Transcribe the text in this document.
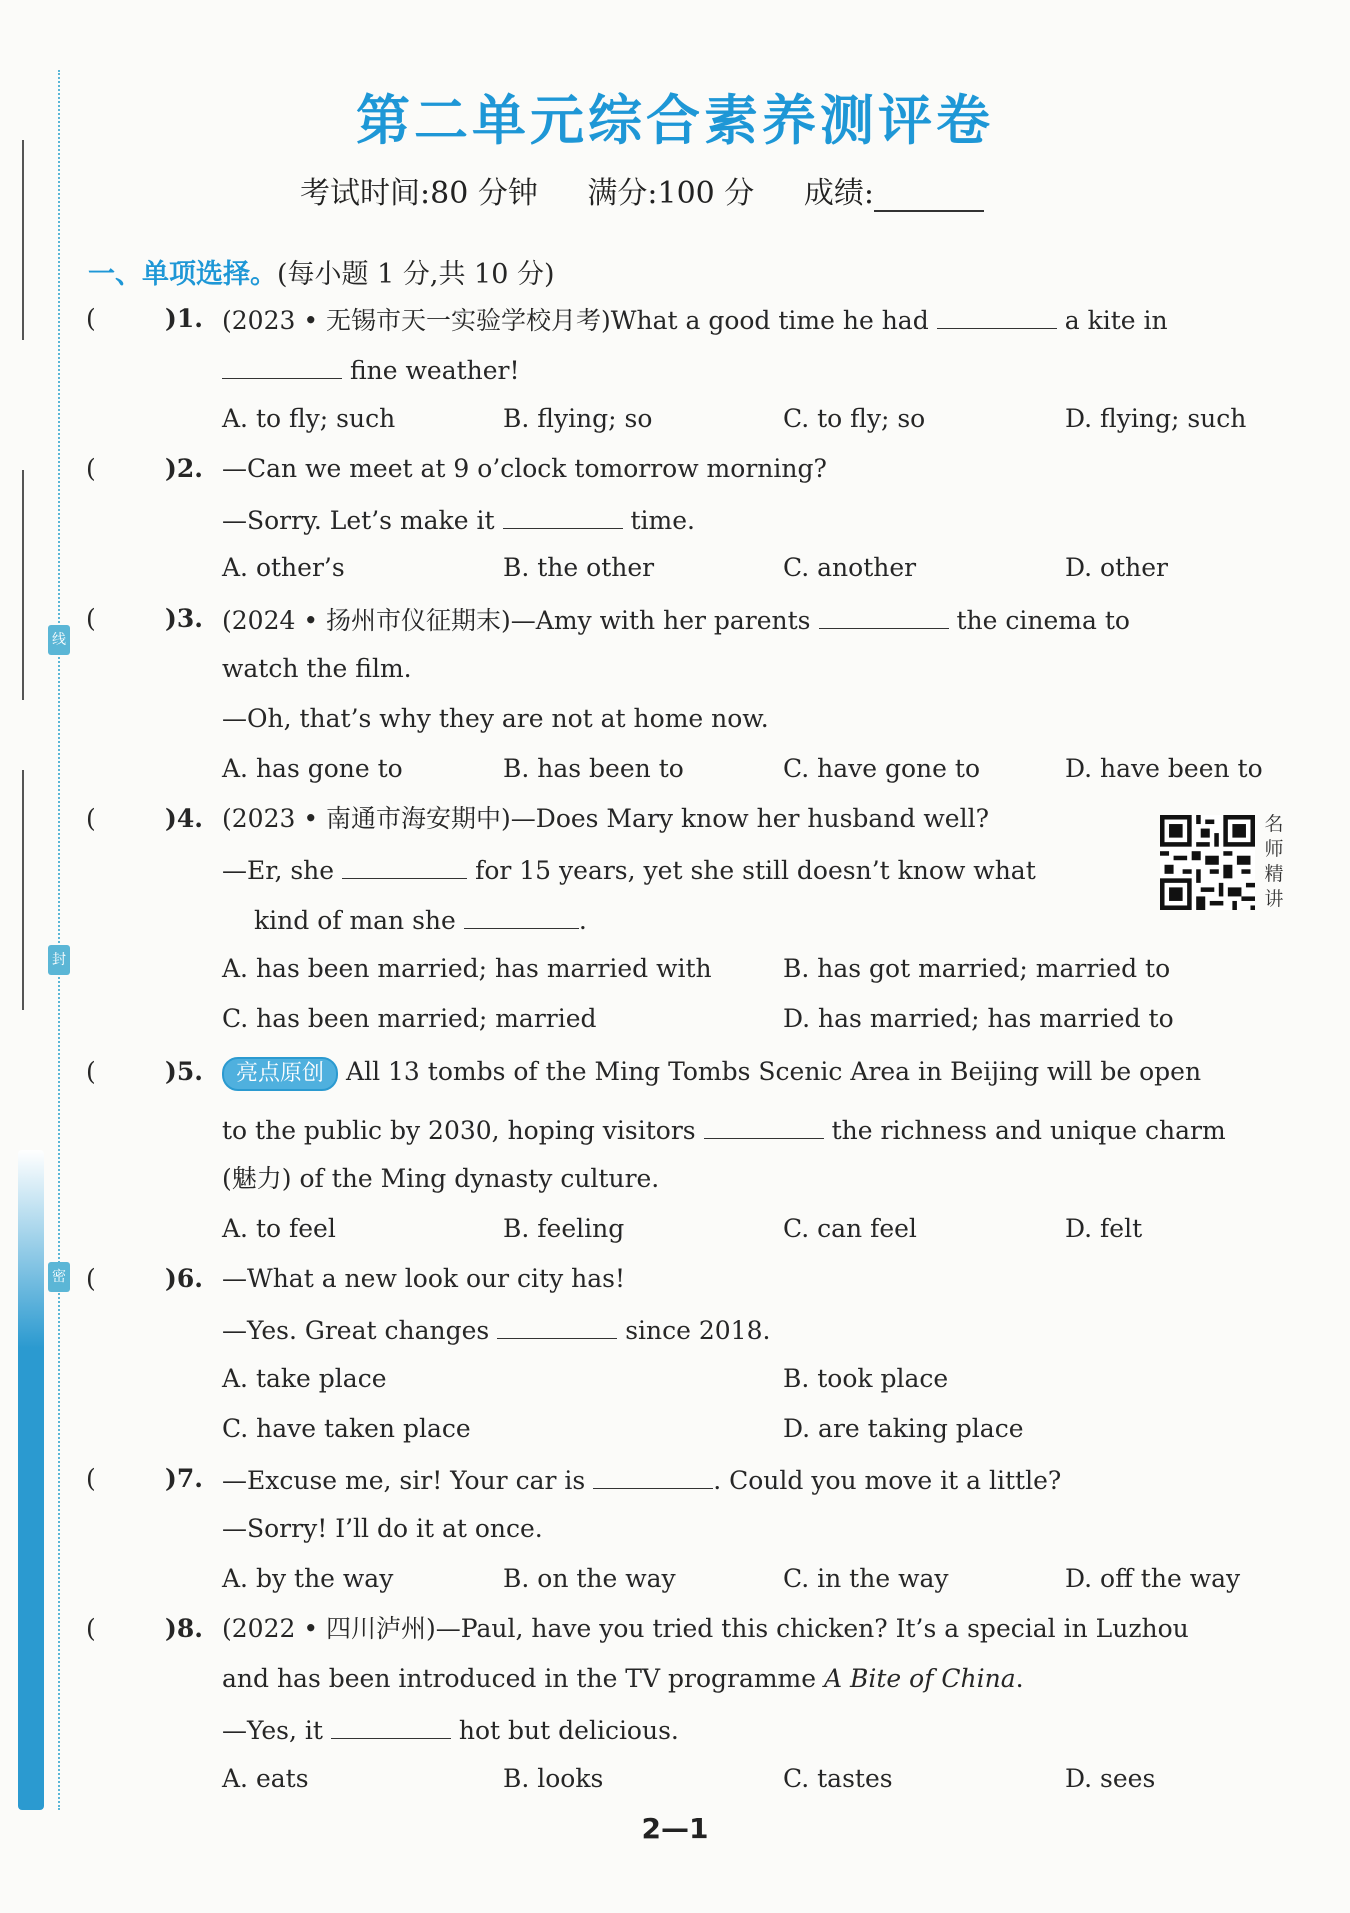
线
封
密
第二单元综合素养测评卷
考试时间:80 分钟 满分:100 分 成绩:
一、单项选择。(每小题 1 分,共 10 分)
(	)1. (2023 • 无锡市天一实验学校月考)What a good time he had	a kite in
fine weather!
A. to fly; such	B. flying; so	C. to fly; so	D. flying; such
(	)2. —Can we meet at 9 o’clock tomorrow morning?
—Sorry. Let’s make it	time.
A. other’s	B. the other	C. another	D. other
(	)3. (2024 • 扬州市仪征期末)—Amy with her parents	the cinema to
watch the film.
—Oh, that’s why they are not at home now.
A. has gone to	B. has been to	C. have gone to	D. have been to
(	)4. (2023 • 南通市海安期中)—Does Mary know her husband well?
—Er, she	for 15 years, yet she still doesn’t know what
kind of man she	.
A. has been married; has married with	B. has got married; married to
C. has been married; married	D. has married; has married to
名
师
精
讲
(	)5.	亮点原创 All 13 tombs of the Ming Tombs Scenic Area in Beijing will be open
to the public by 2030, hoping visitors	the richness and unique charm
(魅力) of the Ming dynasty culture.
A. to feel	B. feeling	C. can feel	D. felt
(	)6. —What a new look our city has!
—Yes. Great changes	since 2018.
A. take place	B. took place
C. have taken place	D. are taking place
(	)7. —Excuse me, sir! Your car is	. Could you move it a little?
—Sorry! I’ll do it at once.
A. by the way	B. on the way	C. in the way	D. off the way
(	)8. (2022 • 四川泸州)—Paul, have you tried this chicken? It’s a special in Luzhou
and has been introduced in the TV programme A Bite of China.
—Yes, it	hot but delicious.
A. eats	B. looks	C. tastes	D. sees
2—1
